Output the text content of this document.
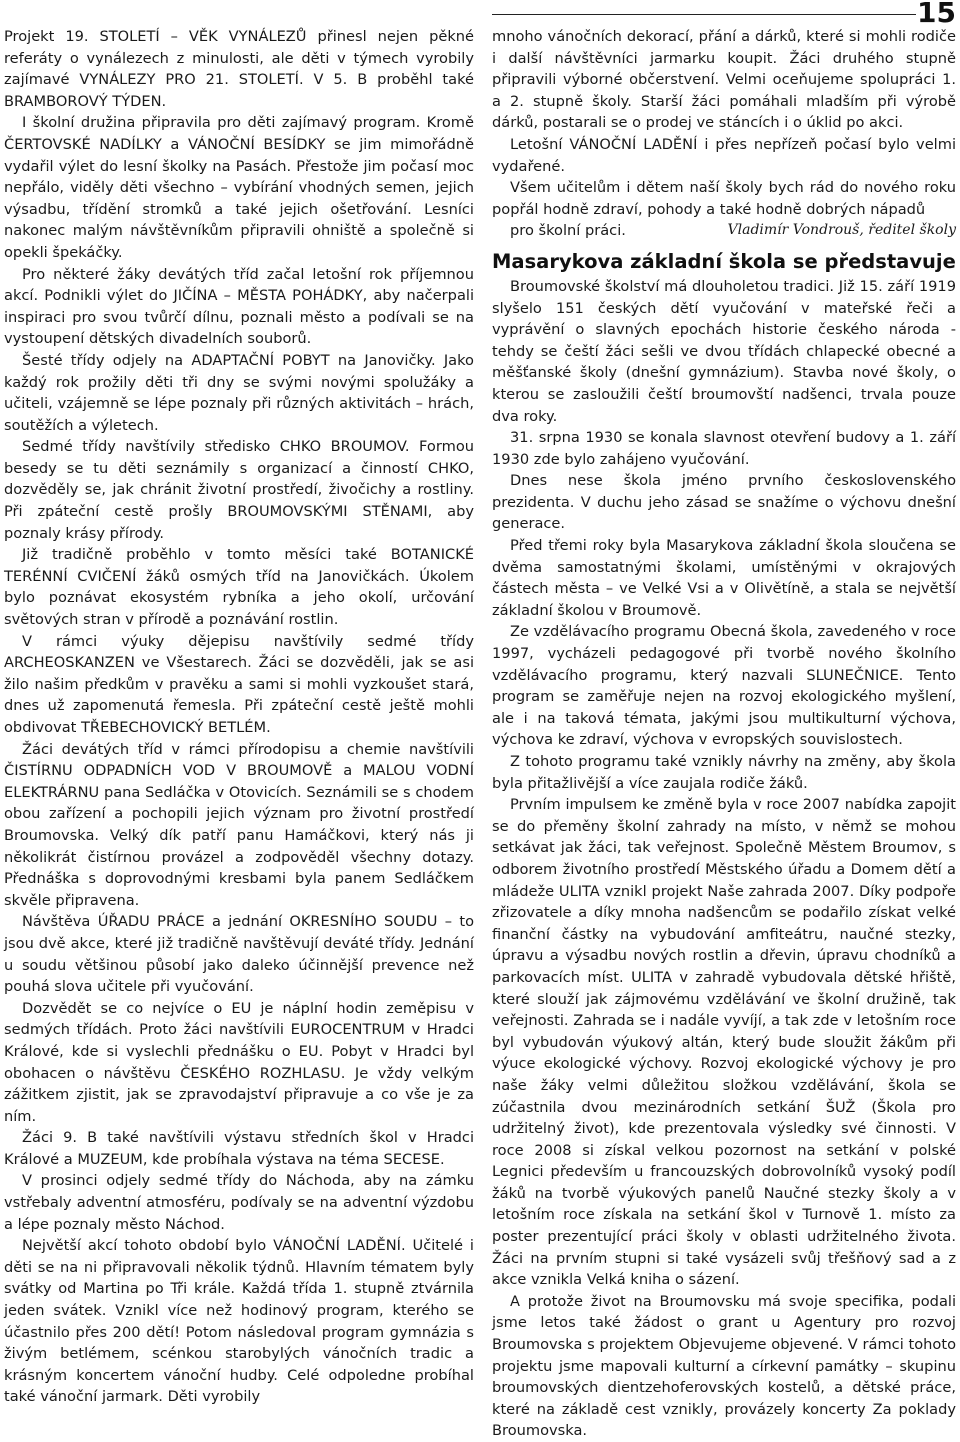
15

Projekt 19. STOLETÍ – VĚK VYNÁLEZŮ přinesl nejen pěkné referáty o vynálezech z minulosti, ale děti v týmech vyrobily zajímavé VYNÁLEZY PRO 21. STOLETÍ. V 5. B proběhl také BRAMBOROVÝ TÝDEN.

I školní družina připravila pro děti zajímavý program. Kromě ČERTOVSKÉ NADÍLKY a VÁNOČNÍ BESÍDKY se jim mimořádně vydařil výlet do lesní školky na Pasách. Přestože jim počasí moc nepřálo, viděly děti všechno – vybírání vhodných semen, jejich výsadbu, třídění stromků a také jejich ošetřování. Lesníci nakonec malým návštěvníkům připravili ohniště a společně si opekli špekáčky.

Pro některé žáky devátých tříd začal letošní rok příjemnou akcí. Podnikli výlet do JIČÍNA – MĚSTA POHÁDKY, aby načerpali inspiraci pro svou tvůrčí dílnu, poznali město a podívali se na vystoupení dětských divadelních souborů.

Šesté třídy odjely na ADAPTAČNÍ POBYT na Janovičky. Jako každý rok prožily děti tři dny se svými novými spolužáky a učiteli, vzájemně se lépe poznaly při různých aktivitách – hrách, soutěžích a výletech.

Sedmé třídy navštívily středisko CHKO BROUMOV. Formou besedy se tu děti seznámily s organizací a činností CHKO, dozvěděly se, jak chránit životní prostředí, živočichy a rostliny. Při zpáteční cestě prošly BROUMOVSKÝMI STĚNAMI, aby poznaly krásy přírody.

Již tradičně proběhlo v tomto měsíci také BOTANICKÉ TERÉNNÍ CVIČENÍ žáků osmých tříd na Janovičkách. Úkolem bylo poznávat ekosystém rybníka a jeho okolí, určování světových stran v přírodě a poznávání rostlin.

V rámci výuky dějepisu navštívily sedmé třídy ARCHEOSKANZEN ve Všestarech. Žáci se dozvěděli, jak se asi žilo našim předkům v pravěku a sami si mohli vyzkoušet stará, dnes už zapomenutá řemesla. Při zpáteční cestě ještě mohli obdivovat TŘEBECHOVICKÝ BETLÉM.

Žáci devátých tříd v rámci přírodopisu a chemie navštívili ČISTÍRNU ODPADNÍCH VOD V BROUMOVĚ a MALOU VODNÍ ELEKTRÁRNU pana Sedláčka v Otovicích. Seznámili se s chodem obou zařízení a pochopili jejich význam pro životní prostředí Broumovska. Velký dík patří panu Hamáčkovi, který nás ji několikrát čistírnou provázel a zodpověděl všechny dotazy. Přednáška s doprovodnými kresbami byla panem Sedláčkem skvěle připravena.

Návštěva ÚŘADU PRÁCE a jednání OKRESNÍHO SOUDU – to jsou dvě akce, které již tradičně navštěvují deváté třídy. Jednání u soudu většinou působí jako daleko účinnější prevence než pouhá slova učitele při vyučování.

Dozvědět se co nejvíce o EU je náplní hodin zeměpisu v sedmých třídách. Proto žáci navštívili EUROCENTRUM v Hradci Králové, kde si vyslechli přednášku o EU. Pobyt v Hradci byl obohacen o návštěvu ČESKÉHO ROZHLASU. Je vždy velkým zážitkem zjistit, jak se zpravodajství připravuje a co vše je za ním.

Žáci 9. B také navštívili výstavu středních škol v Hradci Králové a MUZEUM, kde probíhala výstava na téma SECESE.

V prosinci odjely sedmé třídy do Náchoda, aby na zámku vstřebaly adventní atmosféru, podívaly se na adventní výzdobu a lépe poznaly město Náchod.

Největší akcí tohoto období bylo VÁNOČNÍ LADĚNÍ. Učitelé i děti se na ni připravovali několik týdnů. Hlavním tématem byly svátky od Martina po Tři krále. Každá třída 1. stupně ztvárnila jeden svátek. Vznikl více než hodinový program, kterého se účastnilo přes 200 dětí! Potom následoval program gymnázia s živým betlémem, scénkou starobylých vánočních tradic a krásným koncertem vánoční hudby. Celé odpoledne probíhal také vánoční jarmark. Děti vyrobily

mnoho vánočních dekorací, přání a dárků, které si mohli rodiče i další návštěvníci jarmarku koupit. Žáci druhého stupně připravili výborné občerstvení. Velmi oceňujeme spolupráci 1. a 2. stupně školy. Starší žáci pomáhali mladším při výrobě dárků, postarali se o prodej ve stáncích i o úklid po akci.

Letošní VÁNOČNÍ LADĚNÍ i přes nepřízeň počasí bylo velmi vydařené.

Všem učitelům i dětem naší školy bych rád do nového roku popřál hodně zdraví, pohody a také hodně dobrých nápadů

pro školní práci.	Vladimír Vondrouš, ředitel školy

Masarykova základní škola se představuje

Broumovské školství má dlouholetou tradici. Již 15. září 1919 slyšelo 151 českých dětí vyučování v mateřské řeči a vyprávění o slavných epochách historie českého národa - tehdy se čeští žáci sešli ve dvou třídách chlapecké obecné a měšťanské školy (dnešní gymnázium). Stavba nové školy, o kterou se zasloužili čeští broumovští nadšenci, trvala pouze dva roky.

31. srpna 1930 se konala slavnost otevření budovy a 1. září 1930 zde bylo zahájeno vyučování.

Dnes nese škola jméno prvního československého prezidenta. V duchu jeho zásad se snažíme o výchovu dnešní generace.

Před třemi roky byla Masarykova základní škola sloučena se dvěma samostatnými školami, umístěnými v okrajových částech města – ve Velké Vsi a v Olivětíně, a stala se největší základní školou v Broumově.

Ze vzdělávacího programu Obecná škola, zavedeného v roce 1997, vycházeli pedagogové při tvorbě nového školního vzdělávacího programu, který nazvali SLUNEČNICE. Tento program se zaměřuje nejen na rozvoj ekologického myšlení, ale i na taková témata, jakými jsou multikulturní výchova, výchova ke zdraví, výchova v evropských souvislostech.

Z tohoto programu také vznikly návrhy na změny, aby škola byla přitažlivější a více zaujala rodiče žáků.

Prvním impulsem ke změně byla v roce 2007 nabídka zapojit se do přeměny školní zahrady na místo, v němž se mohou setkávat jak žáci, tak veřejnost. Společně Městem Broumov, s odborem životního prostředí Městského úřadu a Domem dětí a mládeže ULITA vznikl projekt Naše zahrada 2007. Díky podpoře zřizovatele a díky mnoha nadšencům se podařilo získat velké finanční částky na vybudování amfiteátru, naučné stezky, úpravu a výsadbu nových rostlin a dřevin, úpravu chodníků a parkovacích míst. ULITA v zahradě vybudovala dětské hřiště, které slouží jak zájmovému vzdělávání ve školní družině, tak veřejnosti. Zahrada se i nadále vyvíjí, a tak zde v letošním roce byl vybudován výukový altán, který bude sloužit žákům při výuce ekologické výchovy. Rozvoj ekologické výchovy je pro naše žáky velmi důležitou složkou vzdělávání, škola se zúčastnila dvou mezinárodních setkání ŠUŽ (Škola pro udržitelný život), kde prezentovala výsledky své činnosti. V roce 2008 si získal velkou pozornost na setkání v polské Legnici především u francouzských dobrovolníků vysoký podíl žáků na tvorbě výukových panelů Naučné stezky školy a v letošním roce získala na setkání škol v Turnově 1. místo za poster prezentující práci školy v oblasti udržitelného života. Žáci na prvním stupni si také vysázeli svůj třešňový sad a z akce vznikla Velká kniha o sázení.

A protože život na Broumovsku má svoje specifika, podali jsme letos také žádost o grant u Agentury pro rozvoj Broumovska s projektem Objevujeme objevené. V rámci tohoto projektu jsme mapovali kulturní a církevní památky – skupinu broumovských dientzehoferovských kostelů, a dětské práce, které na základě cest vznikly, provázely koncerty Za poklady Broumovska.
